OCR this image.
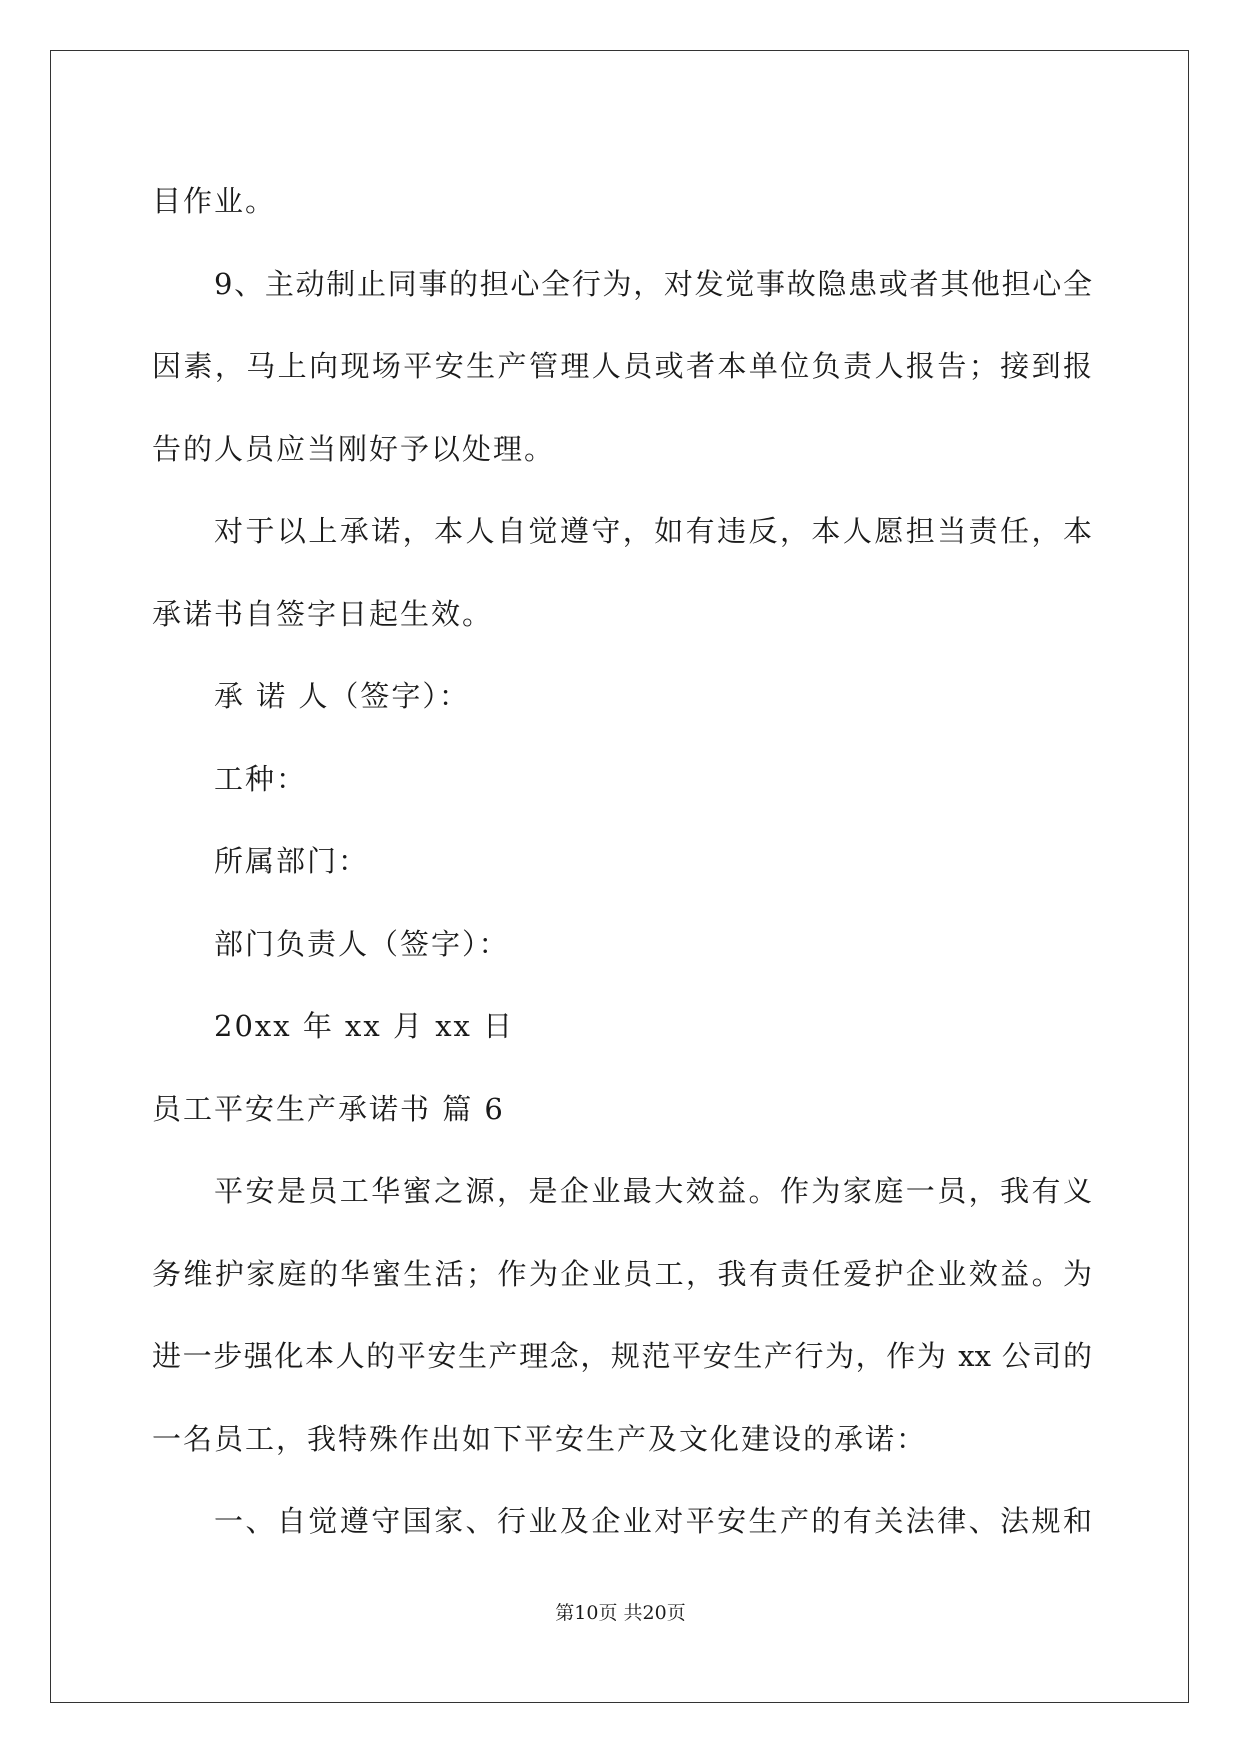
目作业。
9、主动制止同事的担心全行为，对发觉事故隐患或者其他担心全
因素，马上向现场平安生产管理人员或者本单位负责人报告；接到报
告的人员应当刚好予以处理。
对于以上承诺，本人自觉遵守，如有违反，本人愿担当责任，本
承诺书自签字日起生效。
承 诺 人（签字）：
工种：
所属部门：
部门负责人（签字）：
20xx 年 xx 月 xx 日
员工平安生产承诺书 篇 6
平安是员工华蜜之源，是企业最大效益。作为家庭一员，我有义
务维护家庭的华蜜生活；作为企业员工，我有责任爱护企业效益。为
进一步强化本人的平安生产理念，规范平安生产行为，作为 xx 公司的
一名员工，我特殊作出如下平安生产及文化建设的承诺：
一、自觉遵守国家、行业及企业对平安生产的有关法律、法规和
第10页 共20页
